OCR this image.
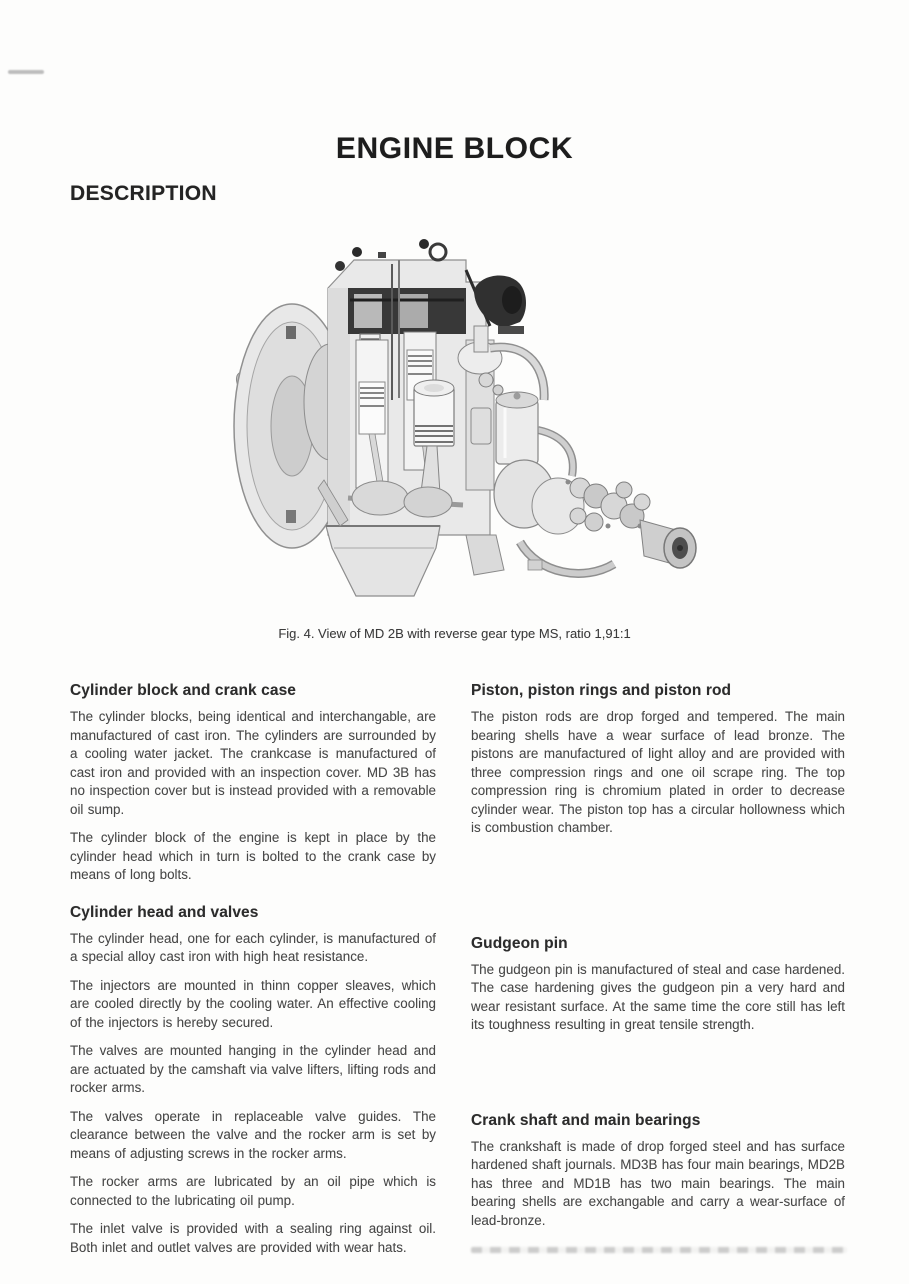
ENGINE BLOCK
DESCRIPTION
Fig. 4. View of MD 2B with reverse gear type MS, ratio 1,91:1
Cylinder block and crank case

The cylinder blocks, being identical and interchangable, are manufactured of cast iron. The cylinders are surrounded by a cooling water jacket. The crankcase is manufactured of cast iron and provided with an inspection cover. MD 3B has no inspection cover but is instead provided with a removable oil sump.

The cylinder block of the engine is kept in place by the cylinder head which in turn is bolted to the crank case by means of long bolts.

Cylinder head and valves

The cylinder head, one for each cylinder, is manufactured of a special alloy cast iron with high heat resistance.

The injectors are mounted in thinn copper sleaves, which are cooled directly by the cooling water. An effective cooling of the injectors is hereby secured.

The valves are mounted hanging in the cylinder head and are actuated by the camshaft via valve lifters, lifting rods and rocker arms.

The valves operate in replaceable valve guides. The clearance between the valve and the rocker arm is set by means of adjusting screws in the rocker arms.

The rocker arms are lubricated by an oil pipe which is connected to the lubricating oil pump.

The inlet valve is provided with a sealing ring against oil. Both inlet and outlet valves are provided with wear hats.

Piston, piston rings and piston rod

The piston rods are drop forged and tempered. The main bearing shells have a wear surface of lead bronze. The pistons are manufactured of light alloy and are provided with three compression rings and one oil scrape ring. The top compression ring is chromium plated in order to decrease cylinder wear. The piston top has a circular hollowness which is combustion chamber.

Gudgeon pin

The gudgeon pin is manufactured of steal and case hardened. The case hardening gives the gudgeon pin a very hard and wear resistant surface. At the same time the core still has left its toughness resulting in great tensile strength.

Crank shaft and main bearings

The crankshaft is made of drop forged steel and has surface hardened shaft journals. MD3B has four main bearings, MD2B has three and MD1B has two main bearings. The main bearing shells are exchangable and carry a wear-surface of lead-bronze.
